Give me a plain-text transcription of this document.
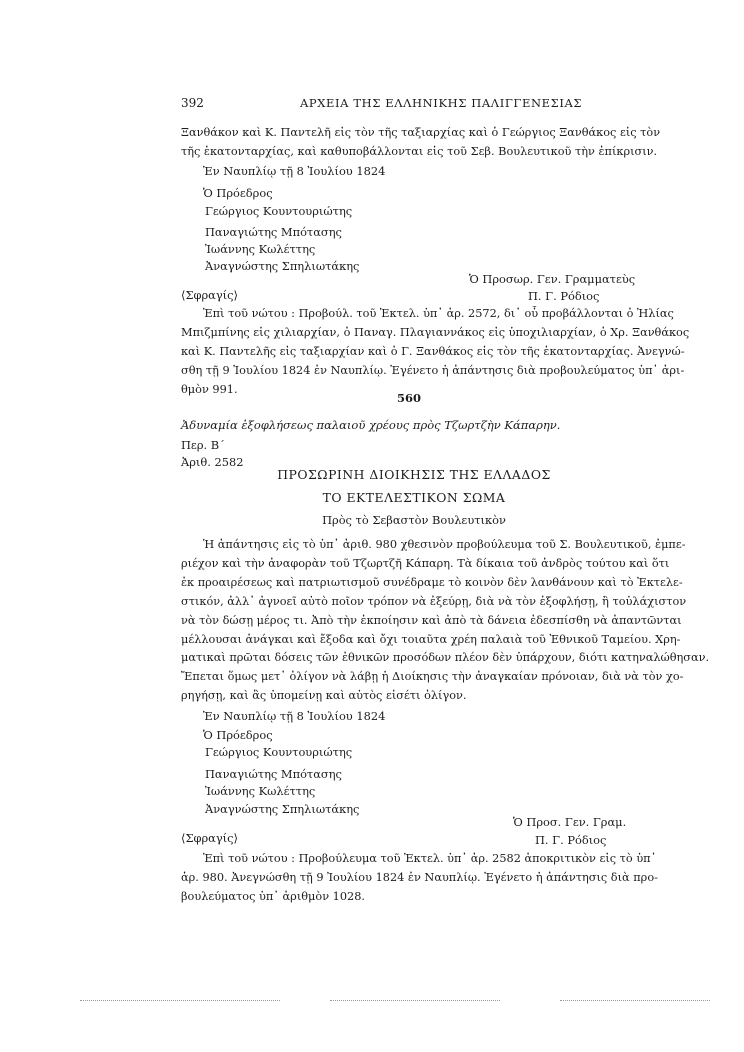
392	ΑΡΧΕΙΑ ΤΗΣ ΕΛΛΗΝΙΚΗΣ ΠΑΛΙΓΓΕΝΕΣΙΑΣ
Ξανθάκον καὶ Κ. Παντελῆ εἰς τὸν τῆς ταξιαρχίας καὶ ὁ Γεώργιος Ξανθάκος εἰς τὸν
τῆς ἑκατονταρχίας, καὶ καθυποβάλλονται εἰς τοῦ Σεβ. Βουλευτικοῦ τὴν ἐπίκρισιν.
Ἐν Ναυπλίῳ τῇ 8 Ἰουλίου 1824
Ὁ Πρόεδρος
Γεώργιος Κουντουριώτης
Παναγιώτης Μπότασης
Ἰωάννης Κωλέττης
Ἀναγνώστης Σπηλιωτάκης
Ὁ Προσωρ. Γεν. Γραμματεὺς
⟨Σφραγίς⟩	Π. Γ. Ρόδιος
Ἐπὶ τοῦ νώτου : Προβούλ. τοῦ Ἐκτελ. ὑπ᾽ ἀρ. 2572, δι᾽ οὗ προβάλλονται ὁ Ἠλίας
Μπιζμπίνης εἰς χιλιαρχίαν, ὁ Παναγ. Πλαγιαννάκος εἰς ὑποχιλιαρχίαν, ὁ Χρ. Ξανθάκος
καὶ Κ. Παντελῆς εἰς ταξιαρχίαν καὶ ὁ Γ. Ξανθάκος εἰς τὸν τῆς ἑκατονταρχίας. Ἀνεγνώ-
σθη τῇ 9 Ἰουλίου 1824 ἐν Ναυπλίῳ. Ἐγένετο ἡ ἀπάντησις διὰ προβουλεύματος ὑπ᾽ ἀρι-
θμὸν 991.
560
Ἀδυναμία ἐξοφλήσεως παλαιοῦ χρέους πρὸς Τζωρτζὴν Κάπαρην.
Περ. Β΄
Ἀριθ. 2582
ΠΡΟΣΩΡΙΝΗ ΔΙΟΙΚΗΣΙΣ ΤΗΣ ΕΛΛΑΔΟΣ
ΤΟ ΕΚΤΕΛΕΣΤΙΚΟΝ ΣΩΜΑ
Πρὸς τὸ Σεβαστὸν Βουλευτικὸν
Ἡ ἀπάντησις εἰς τὸ ὑπ᾽ ἀριθ. 980 χθεσινὸν προβούλευμα τοῦ Σ. Βουλευτικοῦ, ἐμπε-
ριέχον καὶ τὴν ἀναφορὰν τοῦ Τζωρτζῆ Κάπαρη. Τὰ δίκαια τοῦ ἀνδρὸς τούτου καὶ ὅτι
ἐκ προαιρέσεως καὶ πατριωτισμοῦ συνέδραμε τὸ κοινὸν δὲν λανθάνουν καὶ τὸ Ἐκτελε-
στικόν, ἀλλ᾽ ἀγνοεῖ αὐτὸ ποῖον τρόπον νὰ ἐξεύρῃ, διὰ νὰ τὸν ἐξοφλήσῃ, ἢ τοὐλάχιστον
νὰ τὸν δώσῃ μέρος τι. Ἀπὸ τὴν ἐκποίησιν καὶ ἀπὸ τὰ δάνεια ἐδεσπίσθη νὰ ἀπαντῶνται
μέλλουσαι ἀνάγκαι καὶ ἔξοδα καὶ ὄχι τοιαῦτα χρέη παλαιὰ τοῦ Ἐθνικοῦ Ταμείου. Χρη-
ματικαὶ πρῶται δόσεις τῶν ἐθνικῶν προσόδων πλέον δὲν ὑπάρχουν, διότι κατηναλώθησαν.
Ἔπεται ὅμως μετ᾽ ὀλίγον νὰ λάβῃ ἡ Διοίκησις τὴν ἀναγκαίαν πρόνοιαν, διὰ νὰ τὸν χο-
ρηγήσῃ, καὶ ἂς ὑπομείνῃ καὶ αὐτὸς εἰσέτι ὀλίγον.
Ἐν Ναυπλίῳ τῇ 8 Ἰουλίου 1824
Ὁ Πρόεδρος
Γεώργιος Κουντουριώτης
Παναγιώτης Μπότασης
Ἰωάννης Κωλέττης
Ἀναγνώστης Σπηλιωτάκης
Ὁ Προσ. Γεν. Γραμ.
⟨Σφραγίς⟩	Π. Γ. Ρόδιος
Ἐπὶ τοῦ νώτου : Προβούλευμα τοῦ Ἐκτελ. ὑπ᾽ ἀρ. 2582 ἀποκριτικὸν εἰς τὸ ὑπ᾽
ἀρ. 980. Ἀνεγνώσθη τῇ 9 Ἰουλίου 1824 ἐν Ναυπλίῳ. Ἐγένετο ἡ ἀπάντησις διὰ προ-
βουλεύματος ὑπ᾽ ἀριθμὸν 1028.
